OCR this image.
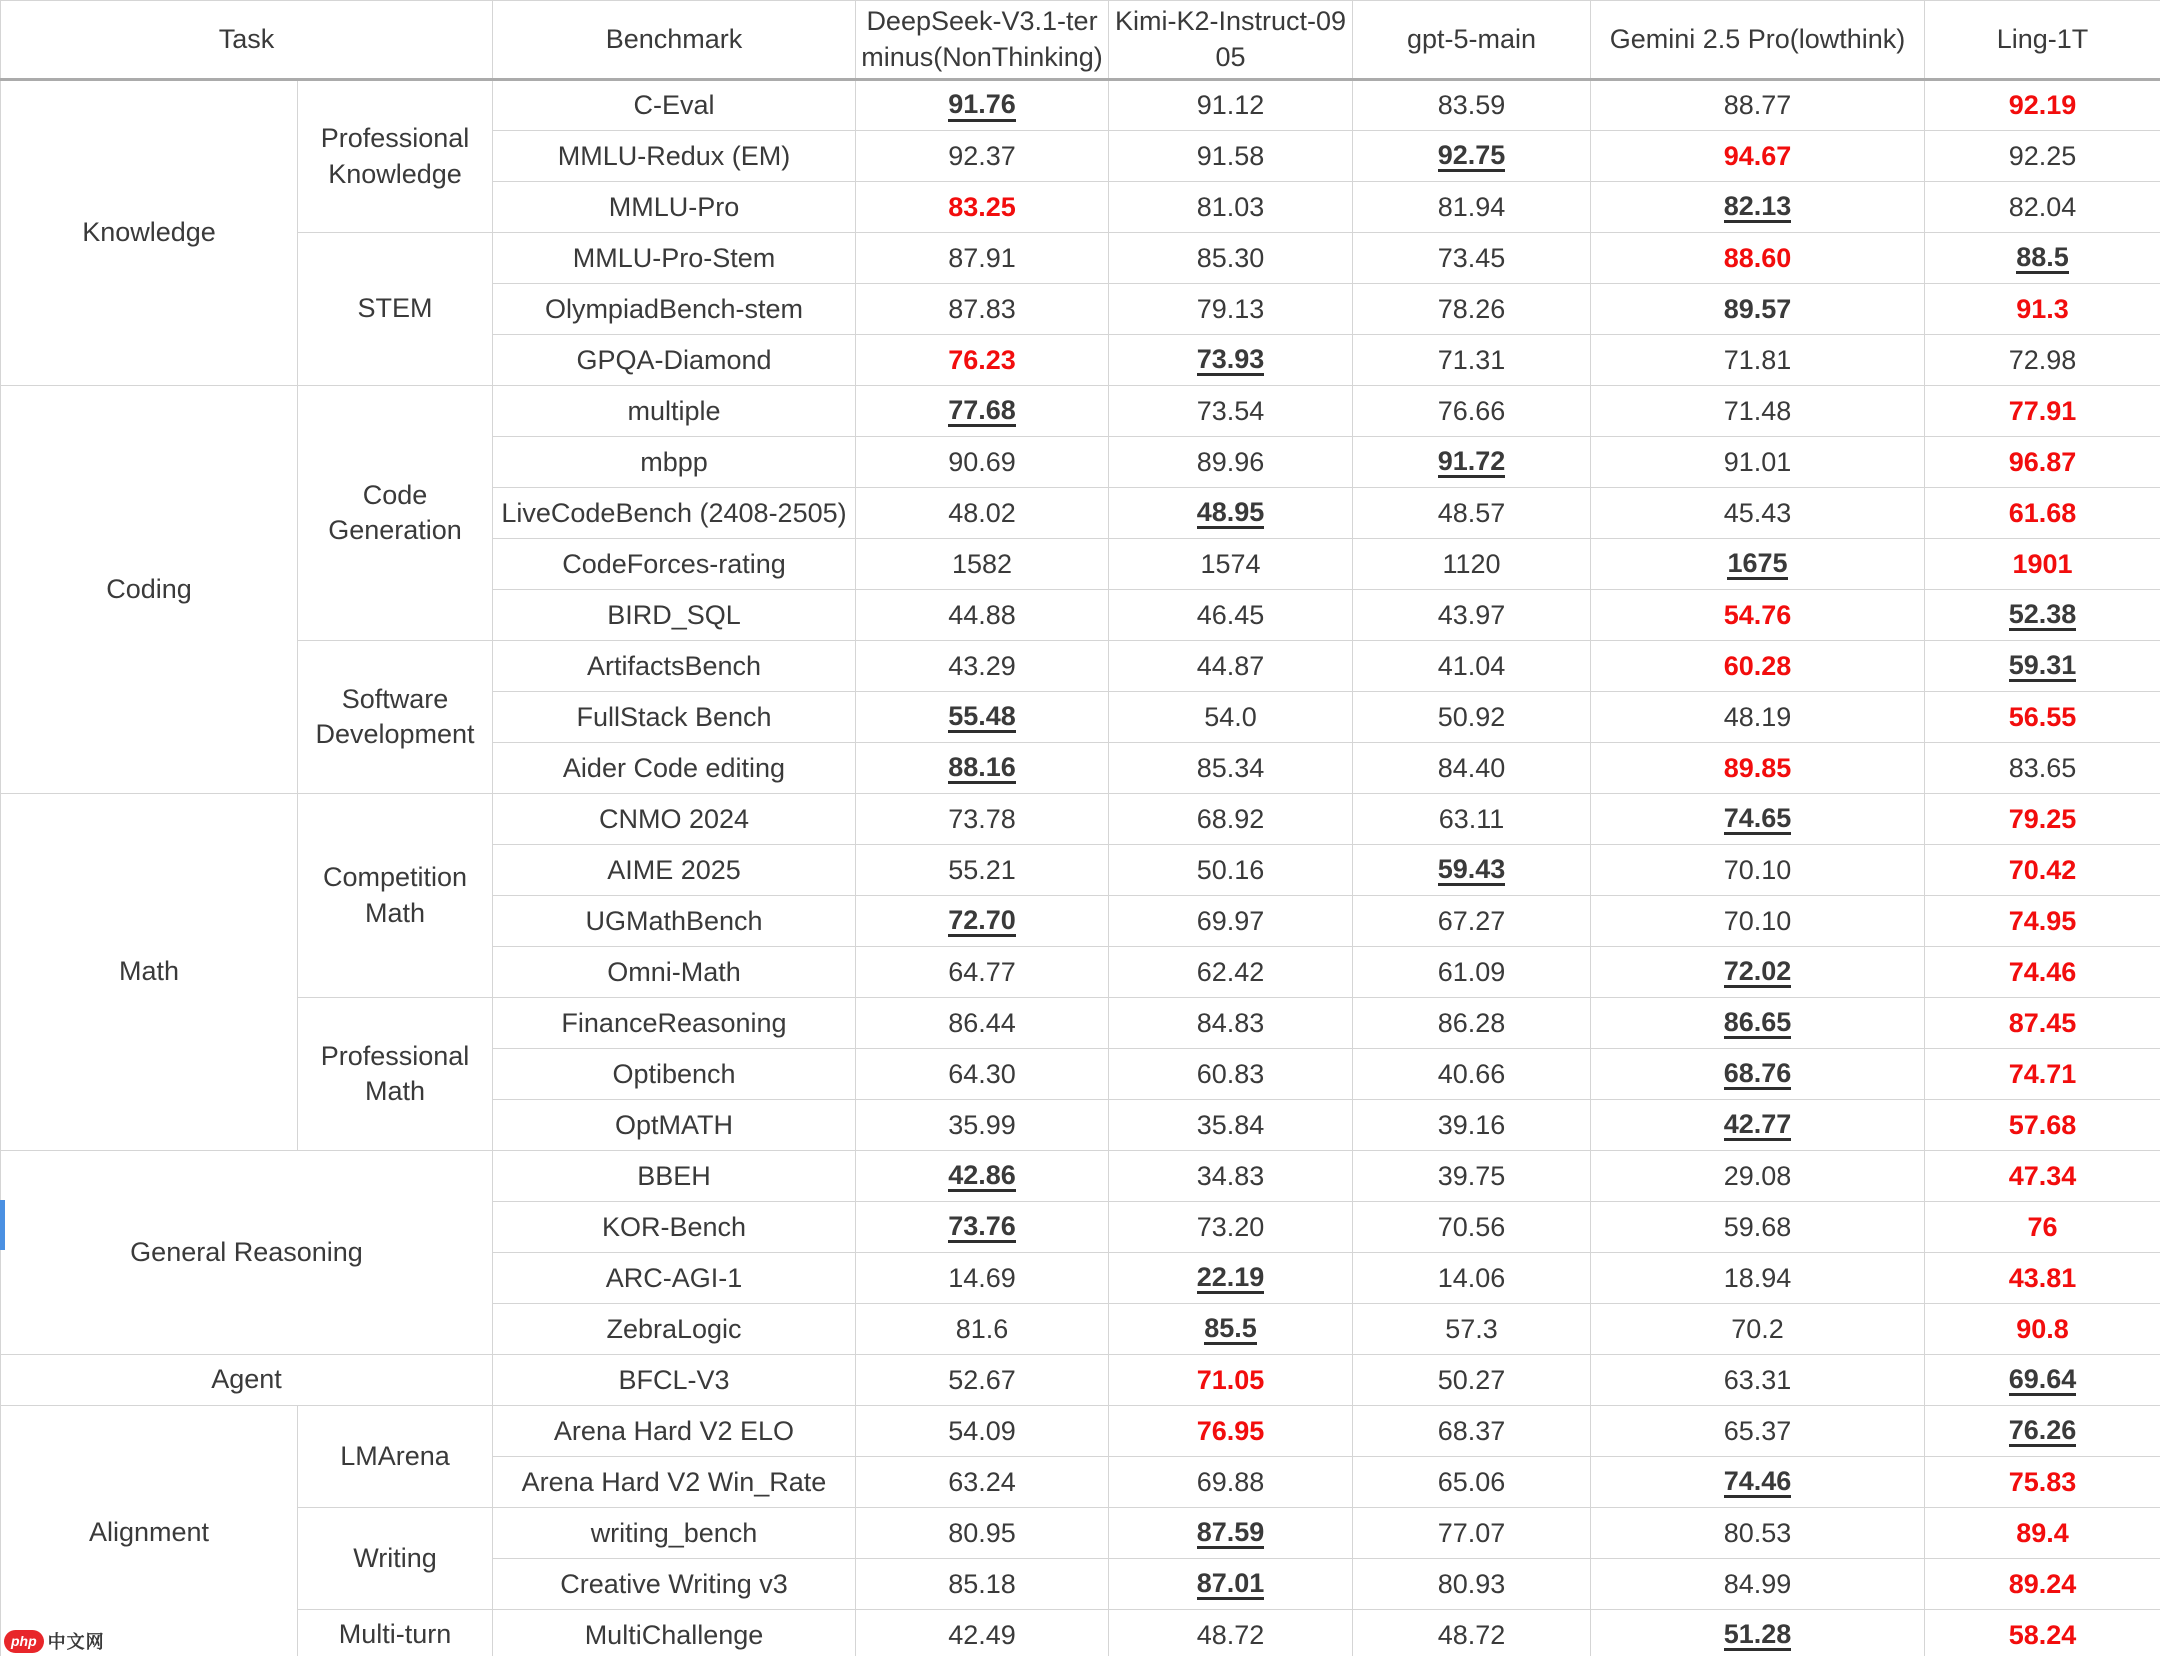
Task		Benchmark	DeepSeek-V3.1-terminus(NonThinking)	Kimi-K2-Instruct-0905	gpt-5-main	Gemini 2.5 Pro(lowthink)	Ling-1T
Knowledge	Professional Knowledge	C-Eval	91.76	91.12	83.59	88.77	92.19
		MMLU-Redux (EM)	92.37	91.58	92.75	94.67	92.25
		MMLU-Pro	83.25	81.03	81.94	82.13	82.04
	STEM	MMLU-Pro-Stem	87.91	85.30	73.45	88.60	88.5
		OlympiadBench-stem	87.83	79.13	78.26	89.57	91.3
		GPQA-Diamond	76.23	73.93	71.31	71.81	72.98
Coding	Code Generation	multiple	77.68	73.54	76.66	71.48	77.91
		mbpp	90.69	89.96	91.72	91.01	96.87
		LiveCodeBench (2408-2505)	48.02	48.95	48.57	45.43	61.68
		CodeForces-rating	1582	1574	1120	1675	1901
		BIRD_SQL	44.88	46.45	43.97	54.76	52.38
	Software Development	ArtifactsBench	43.29	44.87	41.04	60.28	59.31
		FullStack Bench	55.48	54.0	50.92	48.19	56.55
		Aider Code editing	88.16	85.34	84.40	89.85	83.65
Math	Competition Math	CNMO 2024	73.78	68.92	63.11	74.65	79.25
		AIME 2025	55.21	50.16	59.43	70.10	70.42
		UGMathBench	72.70	69.97	67.27	70.10	74.95
		Omni-Math	64.77	62.42	61.09	72.02	74.46
	Professional Math	FinanceReasoning	86.44	84.83	86.28	86.65	87.45
		Optibench	64.30	60.83	40.66	68.76	74.71
		OptMATH	35.99	35.84	39.16	42.77	57.68
General Reasoning		BBEH	42.86	34.83	39.75	29.08	47.34
		KOR-Bench	73.76	73.20	70.56	59.68	76
		ARC-AGI-1	14.69	22.19	14.06	18.94	43.81
		ZebraLogic	81.6	85.5	57.3	70.2	90.8
Agent		BFCL-V3	52.67	71.05	50.27	63.31	69.64
Alignment	LMArena	Arena Hard V2 ELO	54.09	76.95	68.37	65.37	76.26
		Arena Hard V2 Win_Rate	63.24	69.88	65.06	74.46	75.83
	Writing	writing_bench	80.95	87.59	77.07	80.53	89.4
		Creative Writing v3	85.18	87.01	80.93	84.99	89.24
	Multi-turn	MultiChallenge	42.49	48.72	48.72	51.28	58.24
php 中文网
